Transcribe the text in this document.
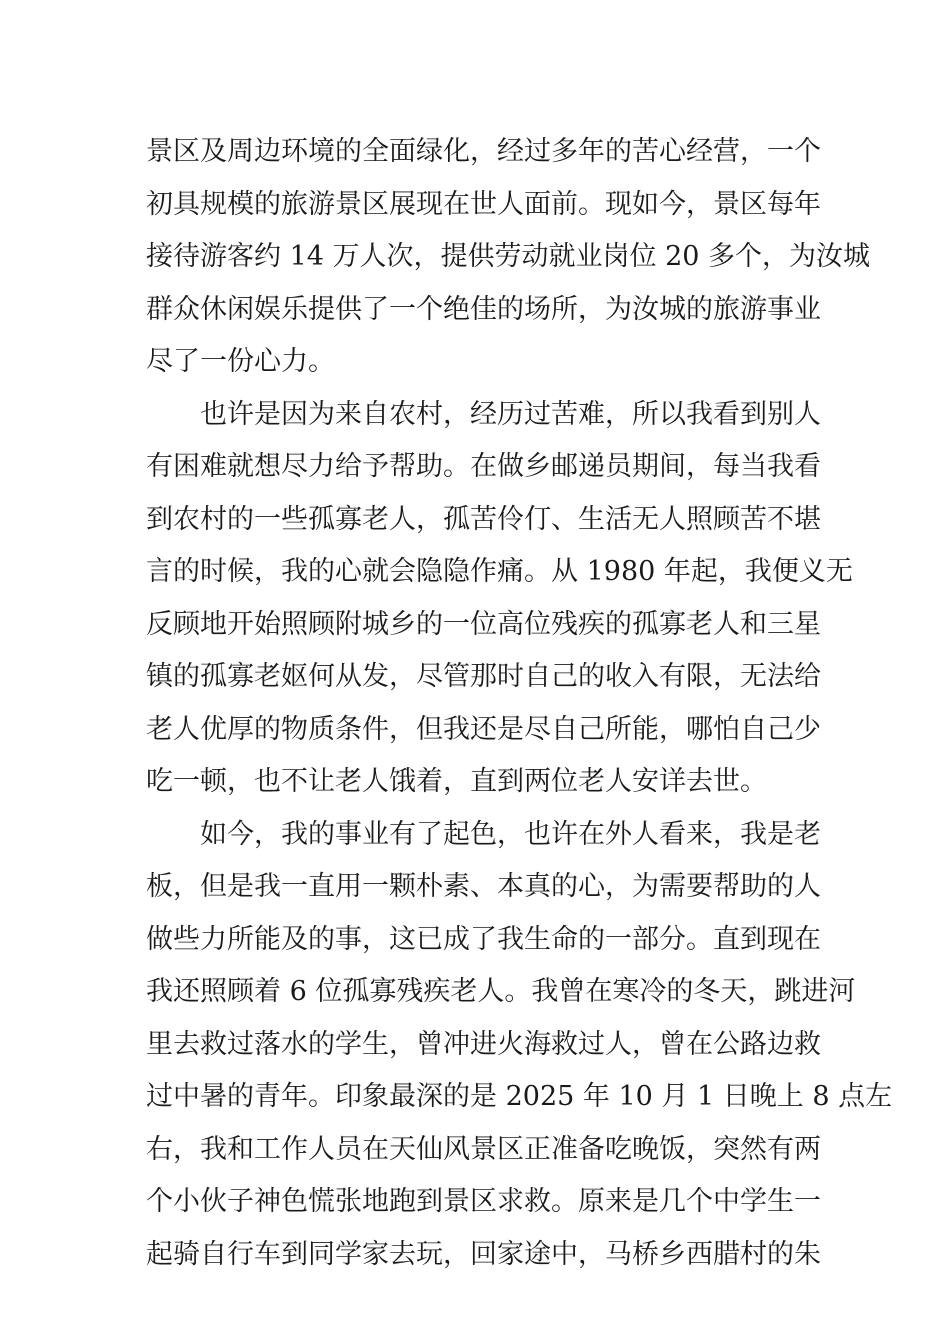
景区及周边环境的全面绿化，经过多年的苦心经营，一个
初具规模的旅游景区展现在世人面前。现如今，景区每年
接待游客约 14 万人次，提供劳动就业岗位 20 多个，为汝城
群众休闲娱乐提供了一个绝佳的场所，为汝城的旅游事业
尽了一份心力。
也许是因为来自农村，经历过苦难，所以我看到别人
有困难就想尽力给予帮助。在做乡邮递员期间，每当我看
到农村的一些孤寡老人，孤苦伶仃、生活无人照顾苦不堪
言的时候，我的心就会隐隐作痛。从 1980 年起，我便义无
反顾地开始照顾附城乡的一位高位残疾的孤寡老人和三星
镇的孤寡老妪何从发，尽管那时自己的收入有限，无法给
老人优厚的物质条件，但我还是尽自己所能，哪怕自己少
吃一顿，也不让老人饿着，直到两位老人安详去世。
如今，我的事业有了起色，也许在外人看来，我是老
板，但是我一直用一颗朴素、本真的心，为需要帮助的人
做些力所能及的事，这已成了我生命的一部分。直到现在
我还照顾着 6 位孤寡残疾老人。我曾在寒冷的冬天，跳进河
里去救过落水的学生，曾冲进火海救过人，曾在公路边救
过中暑的青年。印象最深的是 2025 年 10 月 1 日晚上 8 点左
右，我和工作人员在天仙风景区正准备吃晚饭，突然有两
个小伙子神色慌张地跑到景区求救。原来是几个中学生一
起骑自行车到同学家去玩，回家途中，马桥乡西腊村的朱
